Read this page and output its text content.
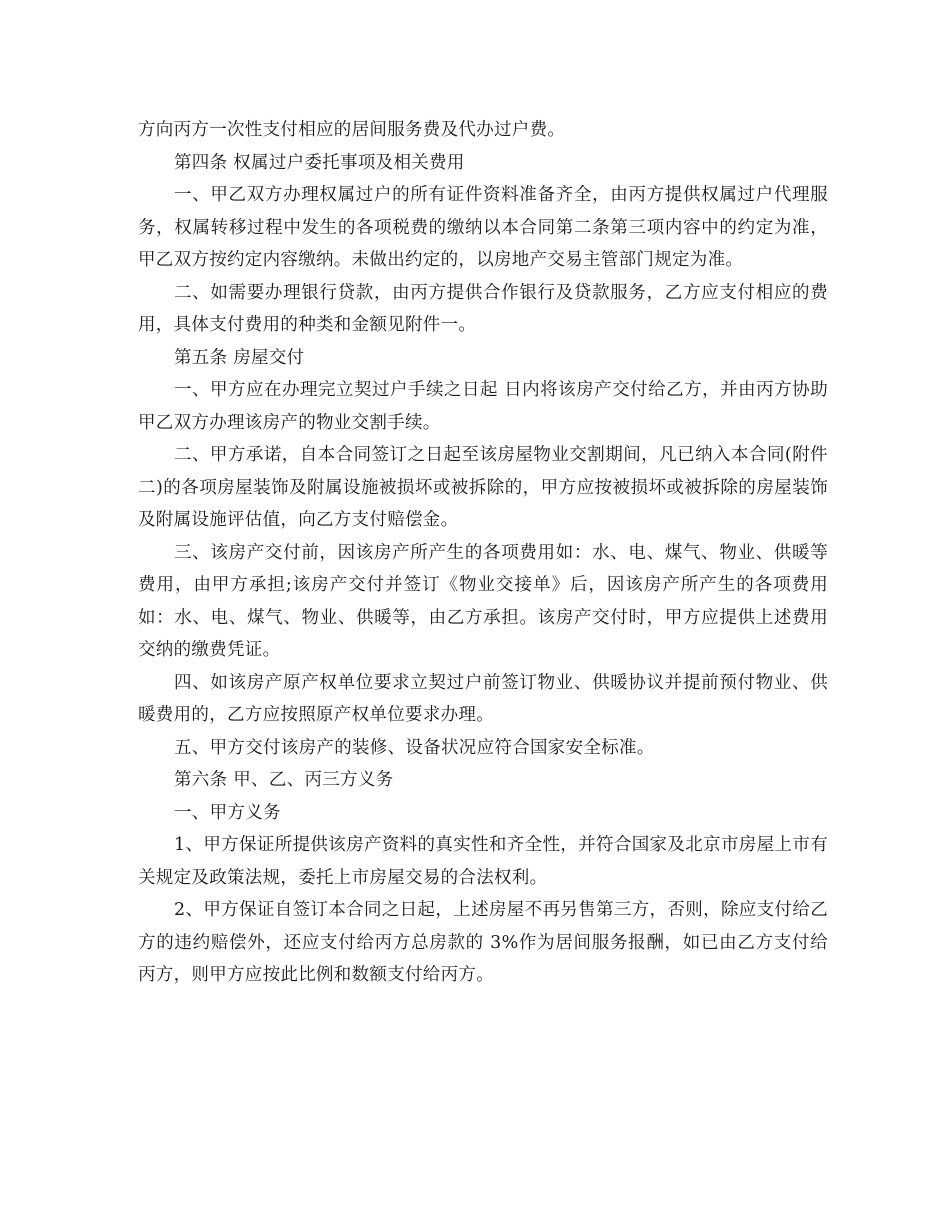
方向丙方一次性支付相应的居间服务费及代办过户费。

第四条 权属过户委托事项及相关费用

一、甲乙双方办理权属过户的所有证件资料准备齐全，由丙方提供权属过户代理服务，权属转移过程中发生的各项税费的缴纳以本合同第二条第三项内容中的约定为准，甲乙双方按约定内容缴纳。未做出约定的，以房地产交易主管部门规定为准。

二、如需要办理银行贷款，由丙方提供合作银行及贷款服务，乙方应支付相应的费用，具体支付费用的种类和金额见附件一。

第五条 房屋交付

一、甲方应在办理完立契过户手续之日起 日内将该房产交付给乙方，并由丙方协助甲乙双方办理该房产的物业交割手续。

二、甲方承诺，自本合同签订之日起至该房屋物业交割期间，凡已纳入本合同(附件二)的各项房屋装饰及附属设施被损坏或被拆除的，甲方应按被损坏或被拆除的房屋装饰及附属设施评估值，向乙方支付赔偿金。

三、该房产交付前，因该房产所产生的各项费用如：水、电、煤气、物业、供暖等费用，由甲方承担;该房产交付并签订《物业交接单》后，因该房产所产生的各项费用如：水、电、煤气、物业、供暖等，由乙方承担。该房产交付时，甲方应提供上述费用交纳的缴费凭证。

四、如该房产原产权单位要求立契过户前签订物业、供暖协议并提前预付物业、供暖费用的，乙方应按照原产权单位要求办理。

五、甲方交付该房产的装修、设备状况应符合国家安全标准。

第六条 甲、乙、丙三方义务

一、甲方义务

1、甲方保证所提供该房产资料的真实性和齐全性，并符合国家及北京市房屋上市有关规定及政策法规，委托上市房屋交易的合法权利。

2、甲方保证自签订本合同之日起，上述房屋不再另售第三方，否则，除应支付给乙方的违约赔偿外，还应支付给丙方总房款的 3%作为居间服务报酬，如已由乙方支付给丙方，则甲方应按此比例和数额支付给丙方。
